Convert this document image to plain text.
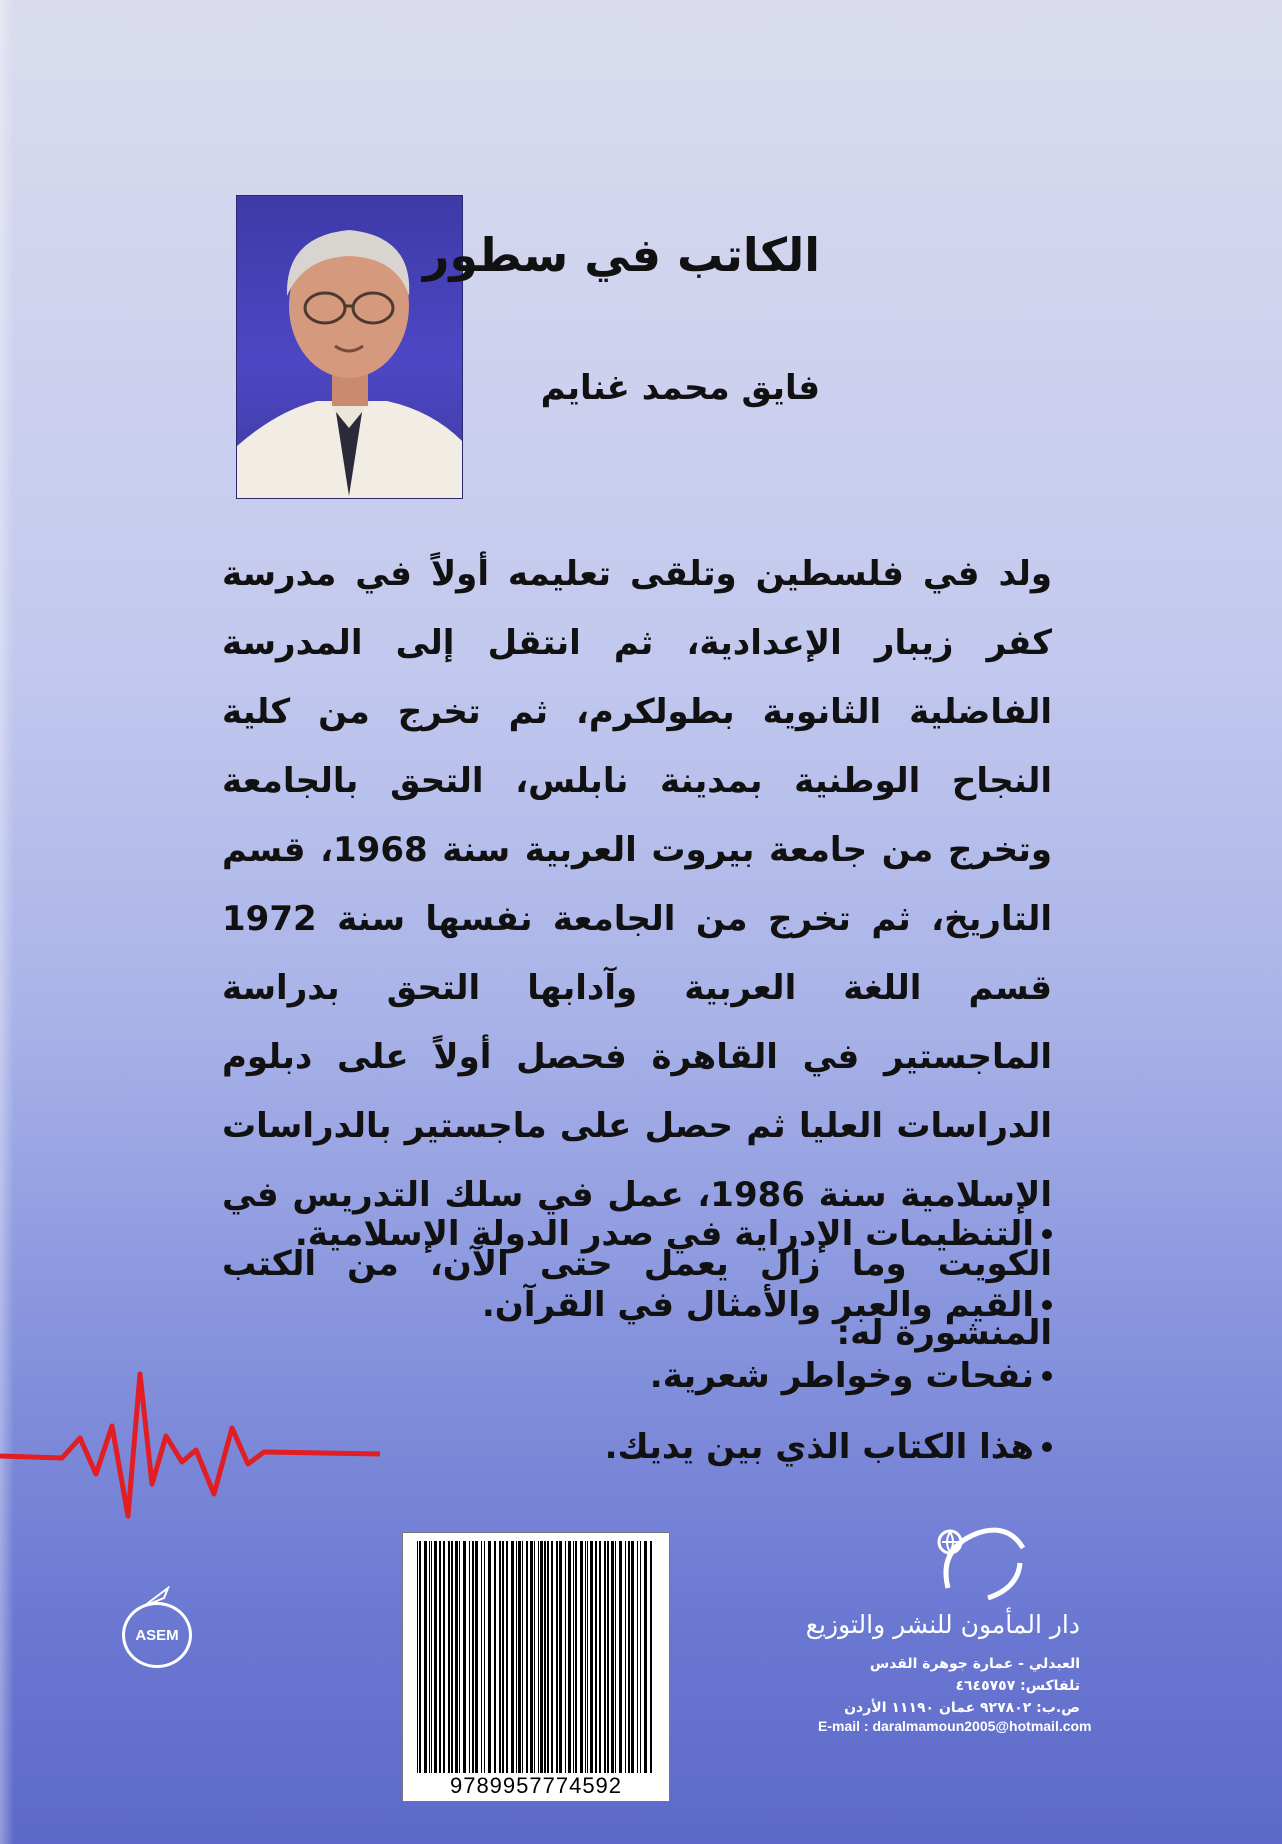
الكاتب في سطور
فايق محمد غنايم
ولد في فلسطين وتلقى تعليمه أولاً في مدرسة كفر زيبار الإعدادية، ثم انتقل إلى المدرسة الفاضلية الثانوية بطولكرم، ثم تخرج من كلية النجاح الوطنية بمدينة نابلس، التحق بالجامعة وتخرج من جامعة بيروت العربية سنة 1968، قسم التاريخ، ثم تخرج من الجامعة نفسها سنة 1972 قسم اللغة العربية وآدابها التحق بدراسة الماجستير في القاهرة فحصل أولاً على دبلوم الدراسات العليا ثم حصل على ماجستير بالدراسات الإسلامية سنة 1986، عمل في سلك التدريس في الكويت وما زال يعمل حتى الآن، من الكتب المنشورة له:
التنظيمات الإدراية في صدر الدولة الإسلامية.
القيم والعبر والأمثال في القرآن.
نفحات وخواطر شعرية.
هذا الكتاب الذي بين يديك.
9789957774592
ASEM	دار المأمون للنشر والتوزيع
العبدلي - عمارة جوهرة القدس
تلفاكس: ٤٦٤٥٧٥٧
ص.ب: ٩٢٧٨٠٢ عمان ١١١٩٠ الأردن
E-mail : daralmamoun2005@hotmail.com
